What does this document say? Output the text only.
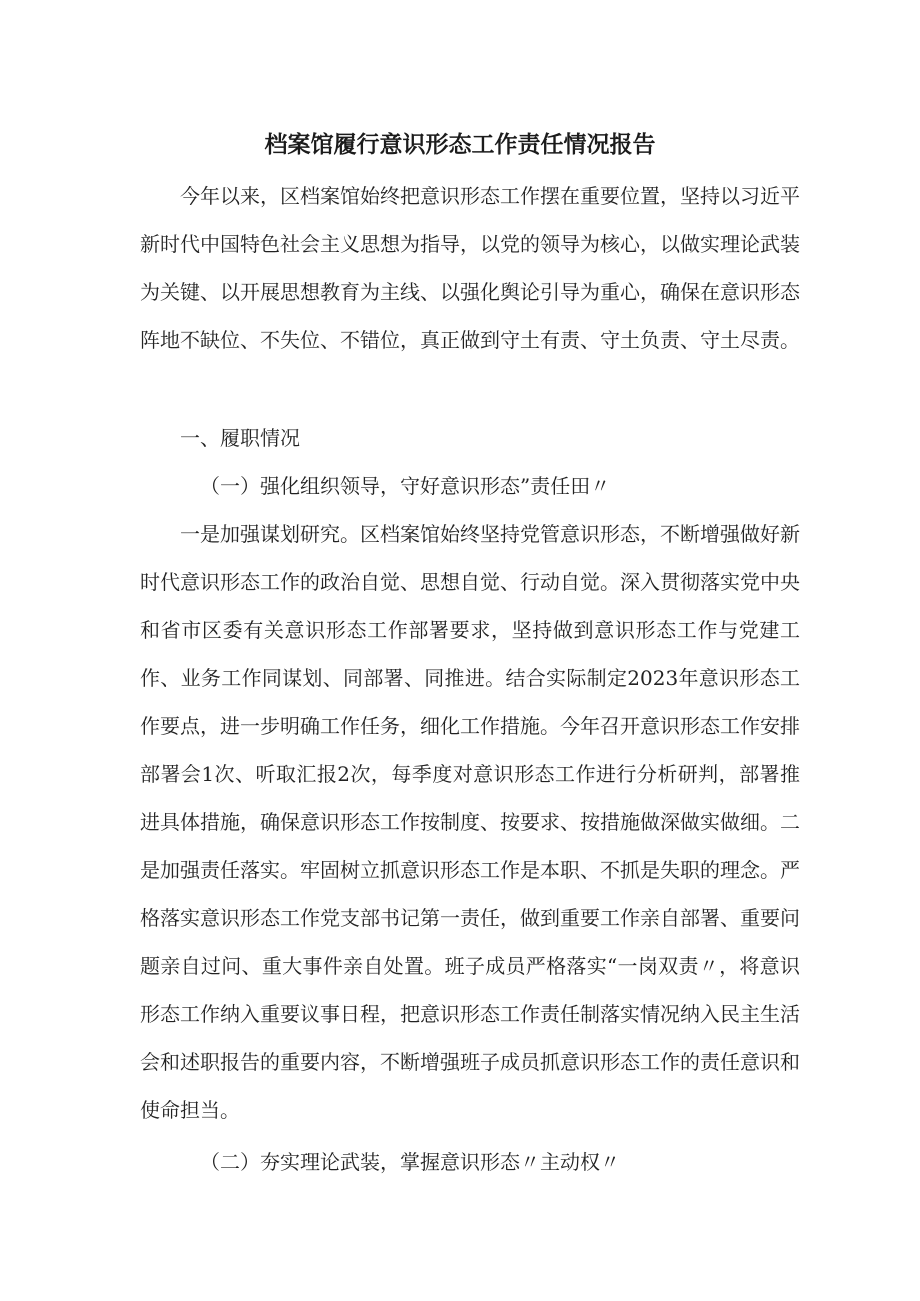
档案馆履行意识形态工作责任情况报告

今年以来，区档案馆始终把意识形态工作摆在重要位置，坚持以习近平新时代中国特色社会主义思想为指导，以党的领导为核心，以做实理论武装为关键、以开展思想教育为主线、以强化舆论引导为重心，确保在意识形态阵地不缺位、不失位、不错位，真正做到守土有责、守土负责、守土尽责。

一、履职情况

（一）强化组织领导，守好意识形态”责任田〃

一是加强谋划研究。区档案馆始终坚持党管意识形态，不断增强做好新时代意识形态工作的政治自觉、思想自觉、行动自觉。深入贯彻落实党中央和省市区委有关意识形态工作部署要求，坚持做到意识形态工作与党建工作、业务工作同谋划、同部署、同推进。结合实际制定2023年意识形态工作要点，进一步明确工作任务，细化工作措施。今年召开意识形态工作安排部署会1次、听取汇报2次，每季度对意识形态工作进行分析研判，部署推进具体措施，确保意识形态工作按制度、按要求、按措施做深做实做细。二是加强责任落实。牢固树立抓意识形态工作是本职、不抓是失职的理念。严格落实意识形态工作党支部书记第一责任，做到重要工作亲自部署、重要问题亲自过问、重大事件亲自处置。班子成员严格落实“一岗双责〃，将意识形态工作纳入重要议事日程，把意识形态工作责任制落实情况纳入民主生活会和述职报告的重要内容，不断增强班子成员抓意识形态工作的责任意识和使命担当。

（二）夯实理论武装，掌握意识形态〃主动权〃
